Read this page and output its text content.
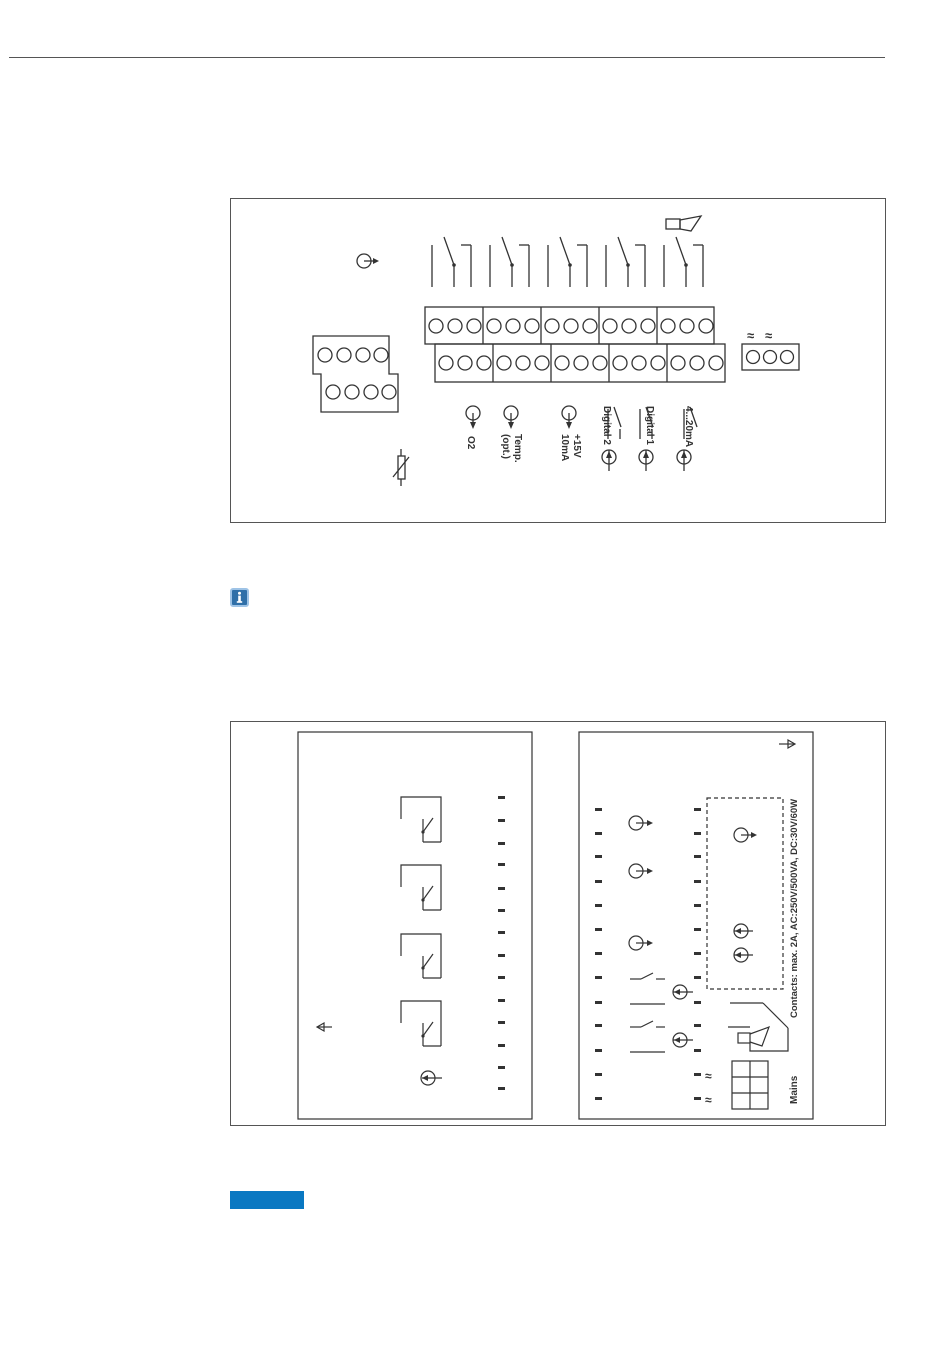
O2	Temp.
(opt.)	+15V
10mA
Digital 2	Digital 1	4...20mA
≈ ≈
Contacts: max. 2A, AC:250V/500VA, DC:30V/60W
Mains
≈
≈
